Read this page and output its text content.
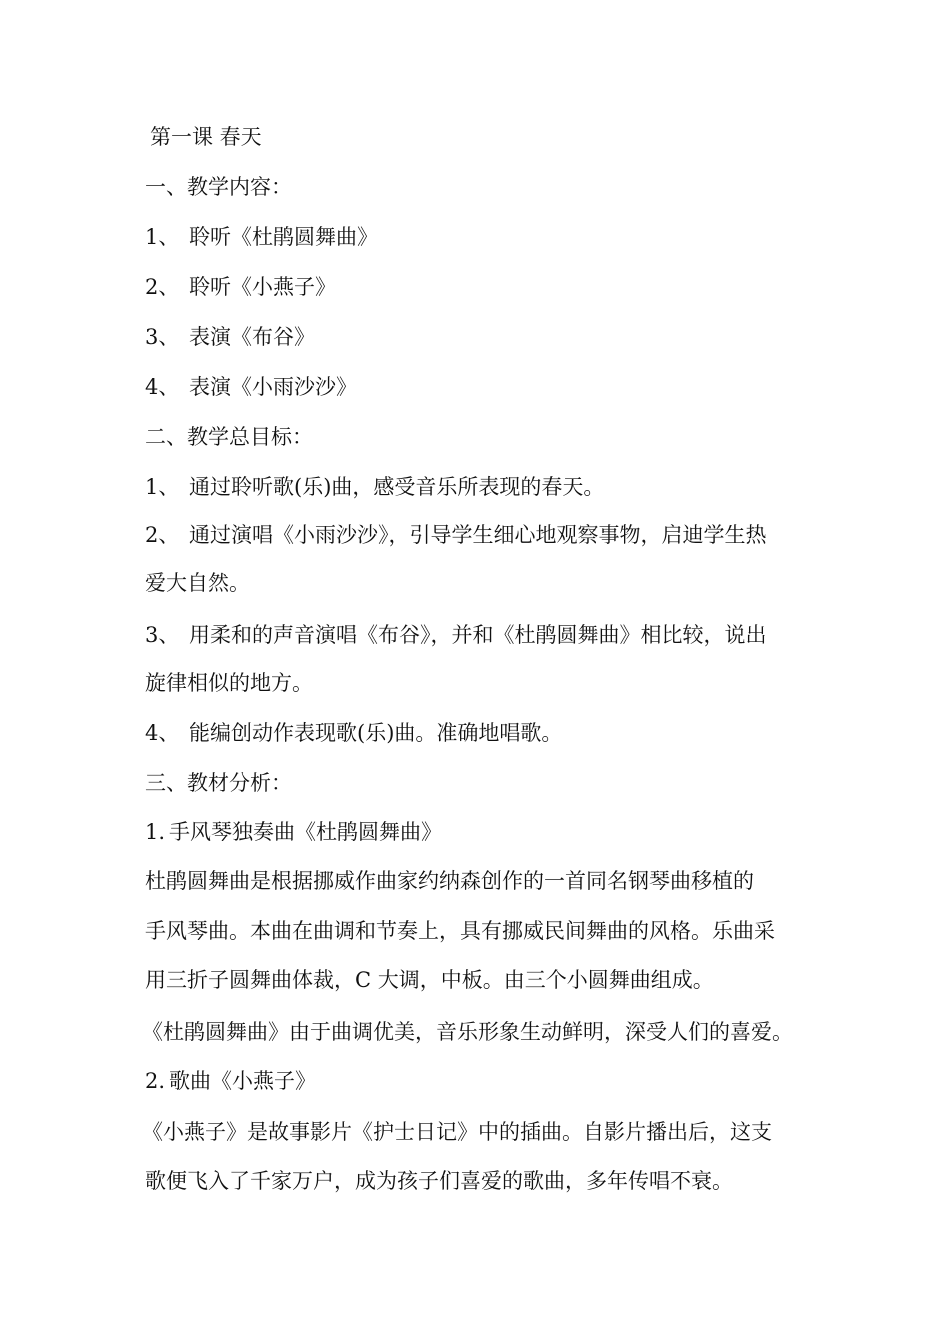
第一课 春天
一、教学内容：
1、 聆听《杜鹃圆舞曲》
2、 聆听《小燕子》
3、 表演《布谷》
4、 表演《小雨沙沙》
二、教学总目标：
1、 通过聆听歌(乐)曲，感受音乐所表现的春天。
2、 通过演唱《小雨沙沙》，引导学生细心地观察事物，启迪学生热
爱大自然。
3、 用柔和的声音演唱《布谷》，并和《杜鹃圆舞曲》相比较，说出
旋律相似的地方。
4、 能编创动作表现歌(乐)曲。准确地唱歌。
三、教材分析：
1. 手风琴独奏曲《杜鹃圆舞曲》
杜鹃圆舞曲是根据挪威作曲家约纳森创作的一首同名钢琴曲移植的
手风琴曲。本曲在曲调和节奏上，具有挪威民间舞曲的风格。乐曲采
用三折子圆舞曲体裁，C 大调，中板。由三个小圆舞曲组成。
《杜鹃圆舞曲》由于曲调优美，音乐形象生动鲜明，深受人们的喜爱。
2. 歌曲《小燕子》
《小燕子》是故事影片《护士日记》中的插曲。自影片播出后，这支
歌便飞入了千家万户，成为孩子们喜爱的歌曲，多年传唱不衰。
